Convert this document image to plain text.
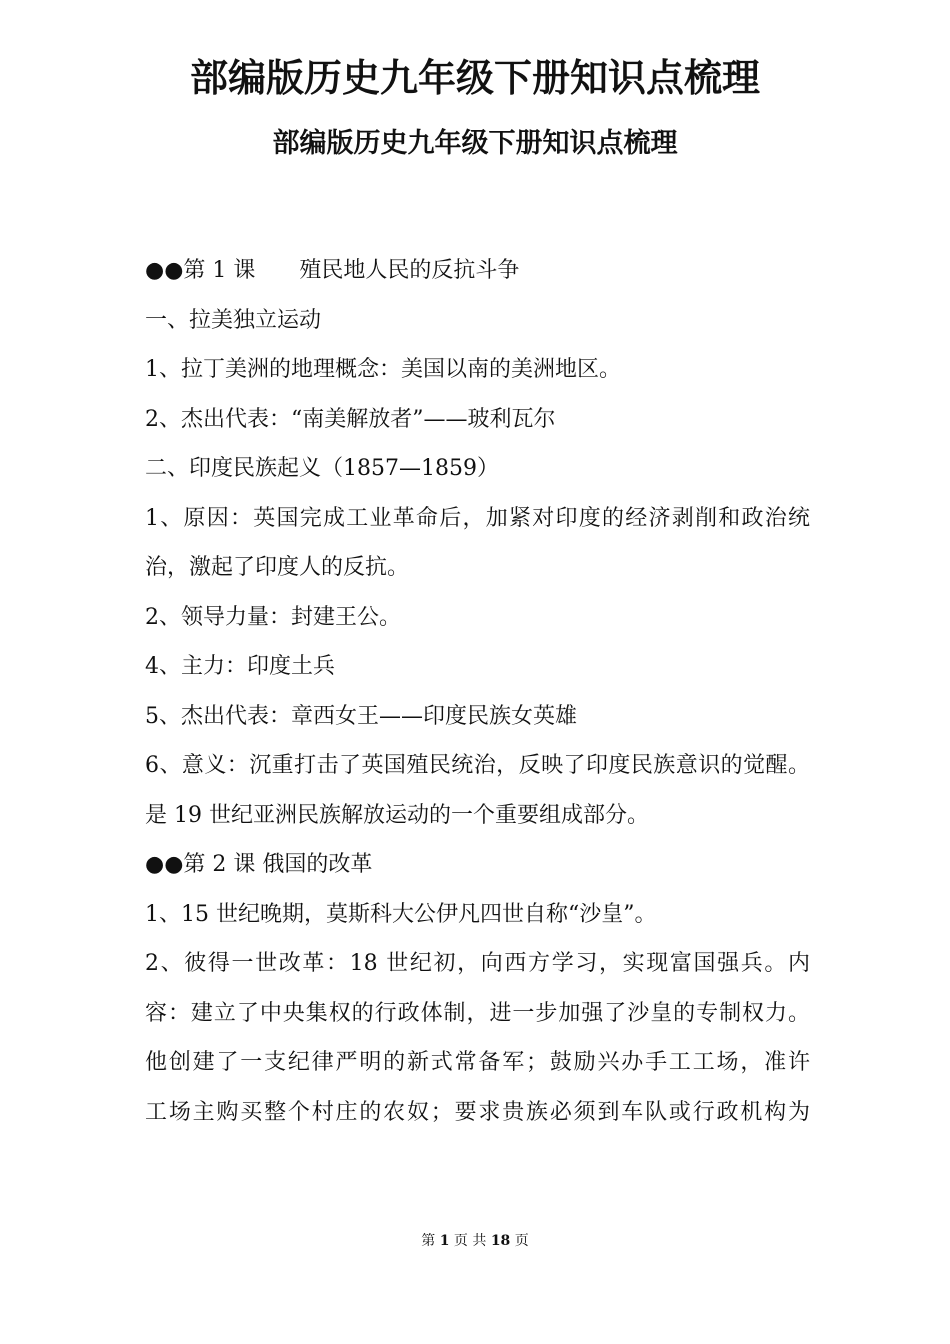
部编版历史九年级下册知识点梳理
部编版历史九年级下册知识点梳理
●●第 1 课　　殖民地人民的反抗斗争
一、拉美独立运动
1、拉丁美洲的地理概念：美国以南的美洲地区。
2、杰出代表：“南美解放者”——玻利瓦尔
二、印度民族起义（1857—1859）
1、原因：英国完成工业革命后，加紧对印度的经济剥削和政治统
治，激起了印度人的反抗。
2、领导力量：封建王公。
4、主力：印度土兵
5、杰出代表：章西女王——印度民族女英雄
6、意义：沉重打击了英国殖民统治，反映了印度民族意识的觉醒。
是 19 世纪亚洲民族解放运动的一个重要组成部分。
●●第 2 课 俄国的改革
1、15 世纪晚期，莫斯科大公伊凡四世自称“沙皇”。
2、彼得一世改革：18 世纪初，向西方学习，实现富国强兵。内
容：建立了中央集权的行政体制，进一步加强了沙皇的专制权力。
他创建了一支纪律严明的新式常备军；鼓励兴办手工工场，准许
工场主购买整个村庄的农奴；要求贵族必须到车队或行政机构为
第 1 页 共 18 页
